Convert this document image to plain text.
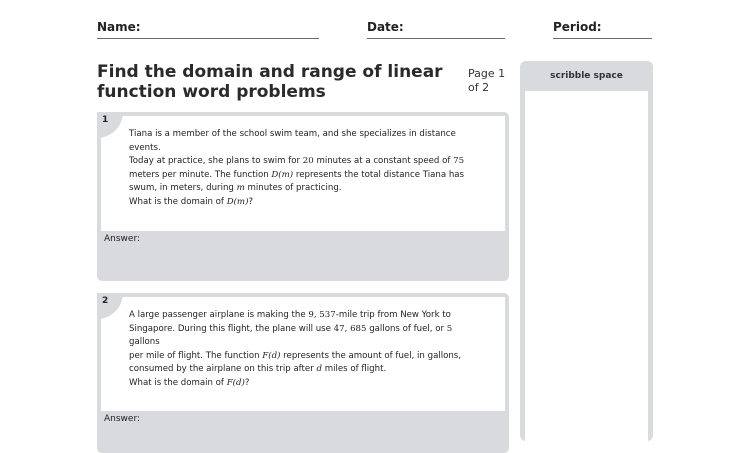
Name:	Date:	Period:
Find the domain and range of linear function word problems
Page 1
of 2
scribble space

Tiana is a member of the school swim team, and she specializes in distance events.

Today at practice, she plans to swim for 20 minutes at a constant speed of 75

meters per minute. The function D(m) represents the total distance Tiana has

swum, in meters, during m minutes of practicing.

What is the domain of D(m)?

1
Answer:

A large passenger airplane is making the 9, 537-mile trip from New York to

Singapore. During this flight, the plane will use 47, 685 gallons of fuel, or 5 gallons

per mile of flight. The function F(d) represents the amount of fuel, in gallons,

consumed by the airplane on this trip after d miles of flight.

What is the domain of F(d)?

2
Answer:
